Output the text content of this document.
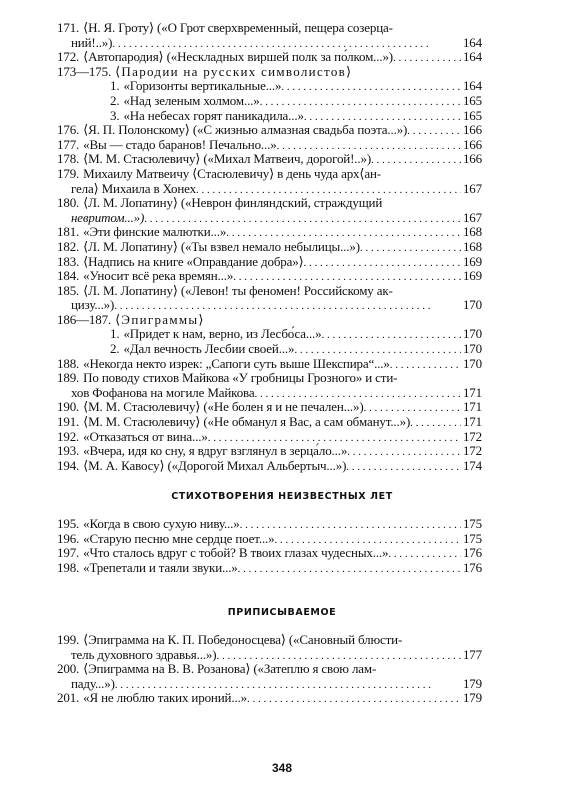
171. ⟨Н. Я. Гроту⟩ («О Грот сверхвременный, пещера созерца-
ний!..») . . .	164
172. ⟨Автопародия⟩ («Нескладных виршей полк за по́лком...») . . .	164
173—175. ⟨Пародии на русских символистов⟩
1. «Горизонты вертикальные...» . . .	164
2. «Над зеленым холмом...» . . .	165
3. «На небесах горят паникадила...» . . .	165
176. ⟨Я. П. Полонскому⟩ («С жизнью алмазная свадьба поэта...») . . .	166
177. «Вы — стадо баранов! Печально...» . . .	166
178. ⟨М. М. Стасюлевичу⟩ («Михал Матвеич, дорогой!..») . . .	166
179. Михаилу Матвеичу ⟨Стасюлевичу⟩ в день чуда арх⟨ан-
гела⟩ Михаила в Хонех . . .	167
180. ⟨Л. М. Лопатину⟩ («Неврон финляндский, страждущий
невритом...») . . .	167
181. «Эти финские малютки...» . . .	168
182. ⟨Л. М. Лопатину⟩ («Ты взвел немало небылицы...») . . .	168
183. ⟨Надпись на книге «Оправдание добра»⟩ . . .	169
184. «Уносит всё река времян...» . . .	169
185. ⟨Л. М. Лопатину⟩ («Левон! ты феномен! Российскому ак-
цизу...») . . .	170
186—187. ⟨Эпиграммы⟩
1. «Придет к нам, верно, из Лесбо́са...» . . .	170
2. «Дал вечность Лесбии своей...» . . .	170
188. «Некогда некто изрек: „Сапоги суть выше Шекспира“...» . . .	170
189. По поводу стихов Майкова «У гробницы Грозного» и сти-
хов Фофанова на могиле Майкова . . .	171
190. ⟨М. М. Стасюлевичу⟩ («Не болен я и не печален...») . . .	171
191. ⟨М. М. Стасюлевичу⟩ («Не обманул я Вас, а сам обманут...») . . .	171
192. «Отказаться от вина...» . . .	172
193. «Вчера, идя ко сну, я вдруг взглянул в зерца́ло...» . . .	172
194. ⟨М. А. Кавосу⟩ («Дорогой Михал Альбертыч...») . . .	174
СТИХОТВОРЕНИЯ НЕИЗВЕСТНЫХ ЛЕТ
195. «Когда в свою сухую ниву...» . . .	175
196. «Старую песню мне сердце поет...» . . .	175
197. «Что сталось вдруг с тобой? В твоих глазах чудесных...» . . .	176
198. «Трепетали и таяли звуки...» . . .	176
ПРИПИСЫВАЕМОЕ
199. ⟨Эпиграмма на К. П. Победоносцева⟩ («Сановный блюсти-
тель духовного здравья...») . . .	177
200. ⟨Эпиграмма на В. В. Розанова⟩ («Затеплю я свою лам-
паду...») . . .	179
201. «Я не люблю таких ироний...» . . .	179
348
